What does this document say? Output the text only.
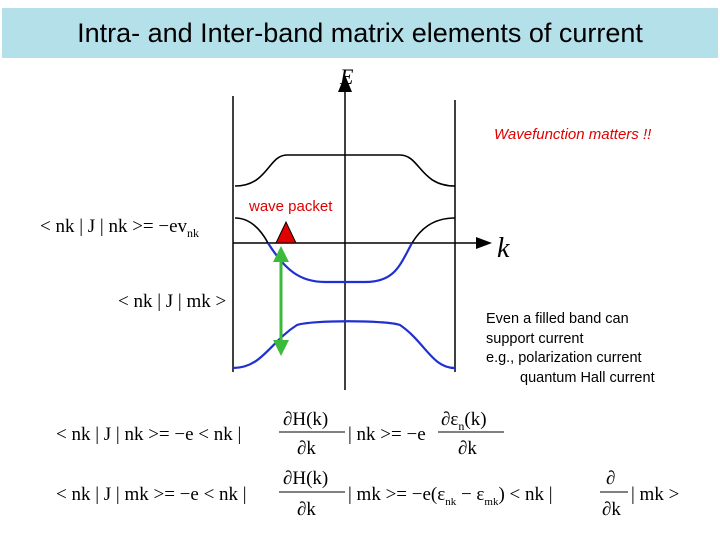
Intra- and Inter-band matrix elements of current
E
k
Wavefunction matters !!
wave packet
< nk | J | nk >= $-ev_{nk}$
< nk | J | mk >
< nk | J | nk >= −e < nk |
∂H(k)
∂k
| nk >= −e
$\partial\varepsilon_n(k)$
∂k
< nk | J | mk >= −e < nk |
∂H(k)
∂k
| mk >= $-e(\varepsilon_{nk} - \varepsilon_{mk})$ < nk |
∂
∂k
| mk >
Even a filled band can
support current
e.g., polarization current
quantum Hall current
